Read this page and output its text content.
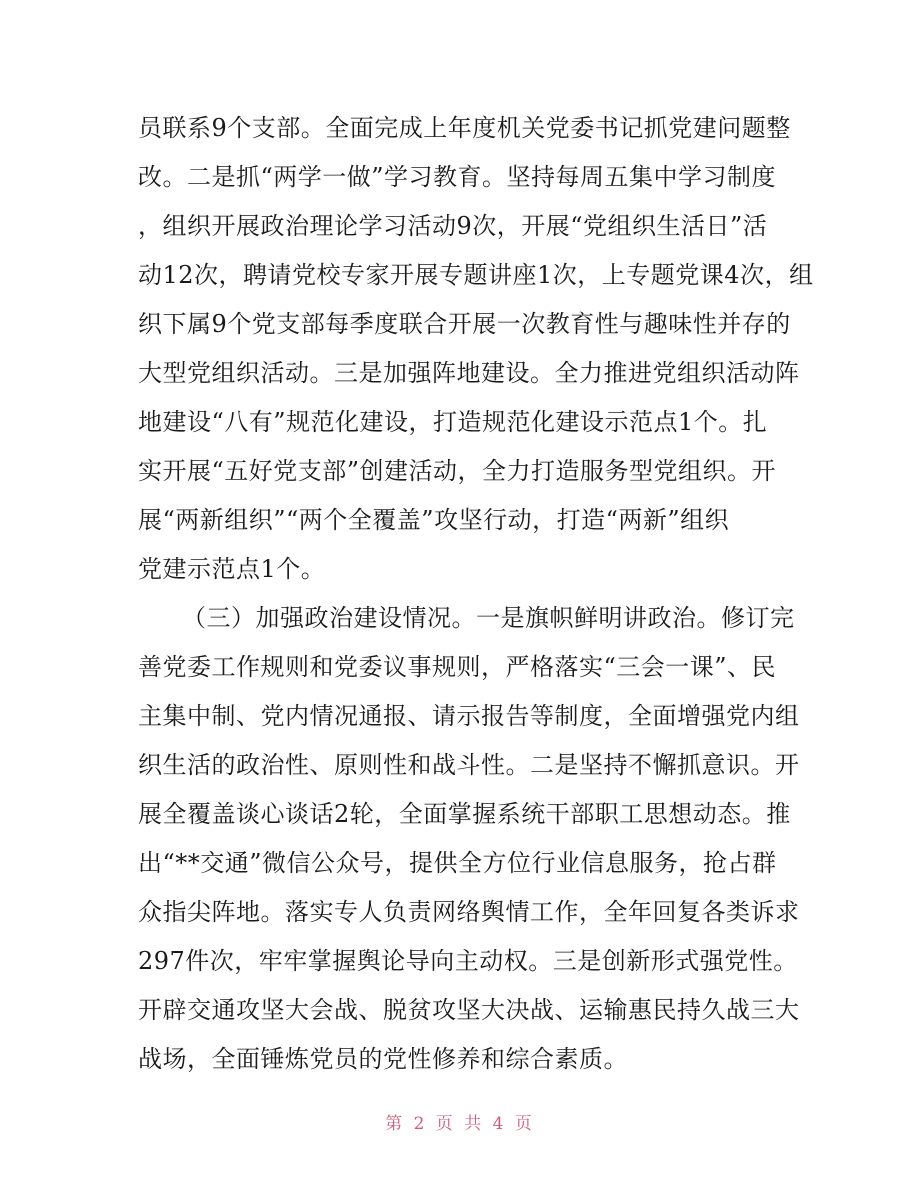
员联系9个支部。全面完成上年度机关党委书记抓党建问题整
改。二是抓“两学一做”学习教育。坚持每周五集中学习制度
，组织开展政治理论学习活动9次，开展“党组织生活日”活
动12次，聘请党校专家开展专题讲座1次，上专题党课4次，组
织下属9个党支部每季度联合开展一次教育性与趣味性并存的
大型党组织活动。三是加强阵地建设。全力推进党组织活动阵
地建设“八有”规范化建设，打造规范化建设示范点1个。扎
实开展“五好党支部”创建活动，全力打造服务型党组织。开
展“两新组织”“两个全覆盖”攻坚行动，打造“两新”组织
党建示范点1个。
（三）加强政治建设情况。一是旗帜鲜明讲政治。修订完
善党委工作规则和党委议事规则，严格落实“三会一课”、民
主集中制、党内情况通报、请示报告等制度，全面增强党内组
织生活的政治性、原则性和战斗性。二是坚持不懈抓意识。开
展全覆盖谈心谈话2轮，全面掌握系统干部职工思想动态。推
出“**交通”微信公众号，提供全方位行业信息服务，抢占群
众指尖阵地。落实专人负责网络舆情工作，全年回复各类诉求
297件次，牢牢掌握舆论导向主动权。三是创新形式强党性。
开辟交通攻坚大会战、脱贫攻坚大决战、运输惠民持久战三大
战场，全面锤炼党员的党性修养和综合素质。
第 2 页 共 4 页
